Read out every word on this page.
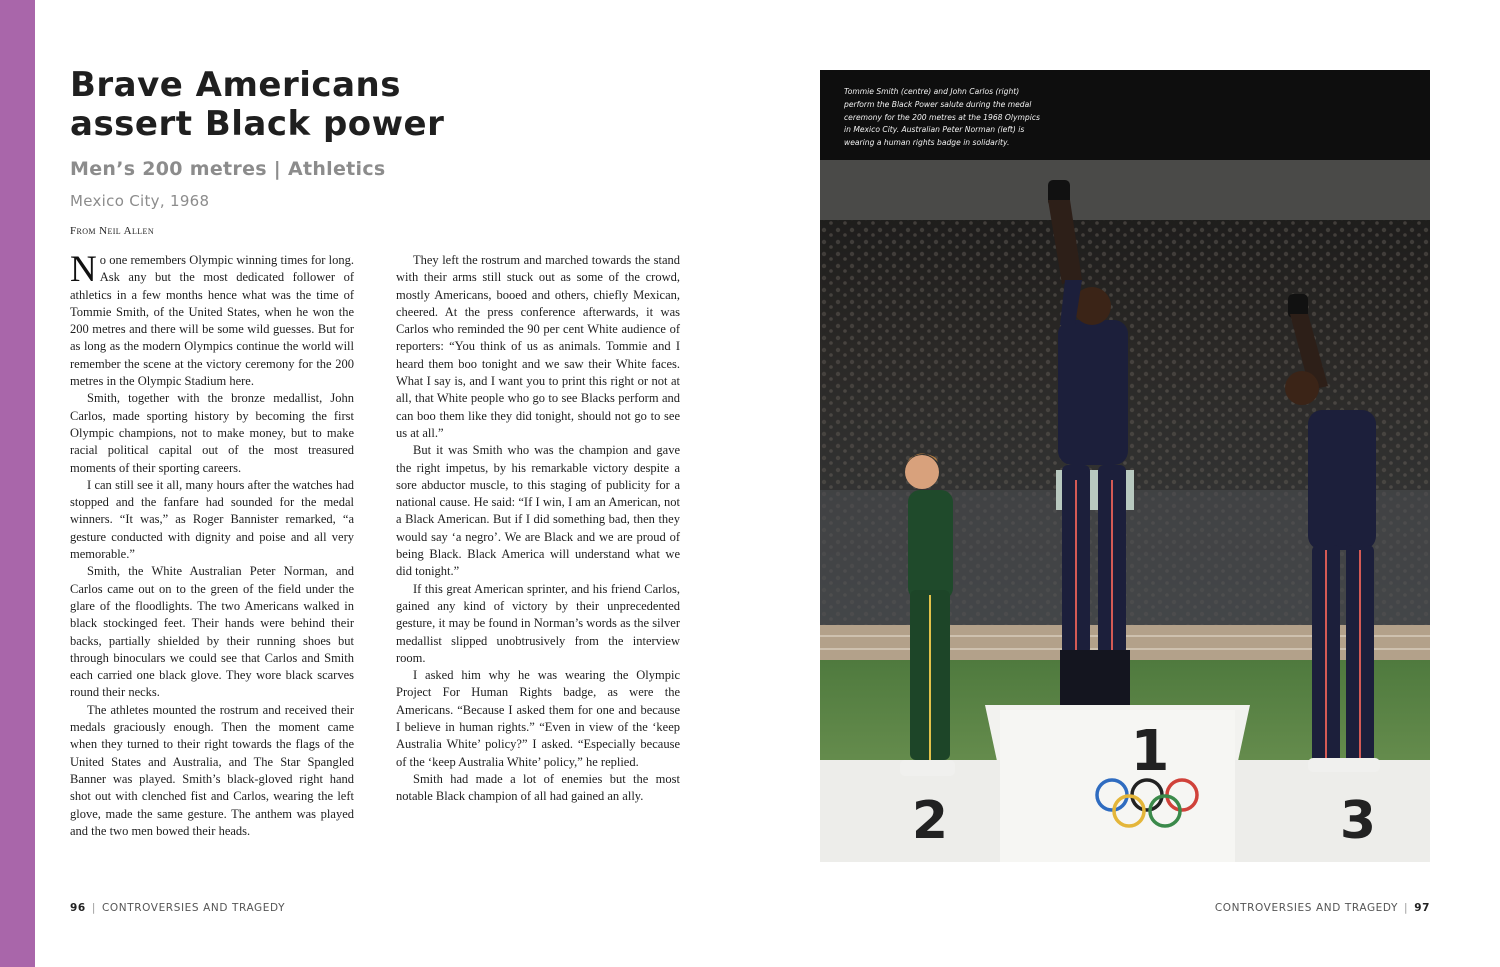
Brave Americans assert Black power
Men’s 200 metres | Athletics
Mexico City, 1968
From Neil Allen

No one remembers Olympic winning times for long. Ask any but the most dedicated follower of athletics in a few months hence what was the time of Tommie Smith, of the United States, when he won the 200 metres and there will be some wild guesses. But for as long as the modern Olympics continue the world will remember the scene at the victory ceremony for the 200 metres in the Olympic Stadium here.

Smith, together with the bronze medallist, John Carlos, made sporting history by becoming the first Olympic champions, not to make money, but to make racial political capital out of the most treasured moments of their sporting careers.

I can still see it all, many hours after the watches had stopped and the fanfare had sounded for the medal winners. “It was,” as Roger Bannister remarked, “a gesture conducted with dignity and poise and all very memorable.”

Smith, the White Australian Peter Norman, and Carlos came out on to the green of the field under the glare of the floodlights. The two Americans walked in black stockinged feet. Their hands were behind their backs, partially shielded by their running shoes but through binoculars we could see that Carlos and Smith each carried one black glove. They wore black scarves round their necks.

The athletes mounted the rostrum and received their medals graciously enough. Then the moment came when they turned to their right towards the flags of the United States and Australia, and The Star Spangled Banner was played. Smith’s black-gloved right hand shot out with clenched fist and Carlos, wearing the left glove, made the same gesture. The anthem was played and the two men bowed their heads.

They left the rostrum and marched towards the stand with their arms still stuck out as some of the crowd, mostly Americans, booed and others, chiefly Mexican, cheered. At the press conference afterwards, it was Carlos who reminded the 90 per cent White audience of reporters: “You think of us as animals. Tommie and I heard them boo tonight and we saw their White faces. What I say is, and I want you to print this right or not at all, that White people who go to see Blacks perform and can boo them like they did tonight, should not go to see us at all.”

But it was Smith who was the champion and gave the right impetus, by his remarkable victory despite a sore abductor muscle, to this staging of publicity for a national cause. He said: “If I win, I am an American, not a Black American. But if I did something bad, then they would say ‘a negro’. We are Black and we are proud of being Black. Black America will understand what we did tonight.”

If this great American sprinter, and his friend Carlos, gained any kind of victory by their unprecedented gesture, it may be found in Norman’s words as the silver medallist slipped unobtrusively from the interview room.

I asked him why he was wearing the Olympic Project For Human Rights badge, as were the Americans. “Because I asked them for one and because I believe in human rights.” “Even in view of the ‘keep Australia White’ policy?” I asked. “Especially because of the ‘keep Australia White’ policy,” he replied.

Smith had made a lot of enemies but the most notable Black champion of all had gained an ally.

1
2	3

Tommie Smith (centre) and John Carlos (right) perform the Black Power salute during the medal ceremony for the 200 metres at the 1968 Olympics in Mexico City. Australian Peter Norman (left) is wearing a human rights badge in solidarity.

96 | CONTROVERSIES AND TRAGEDY	CONTROVERSIES AND TRAGEDY | 97
